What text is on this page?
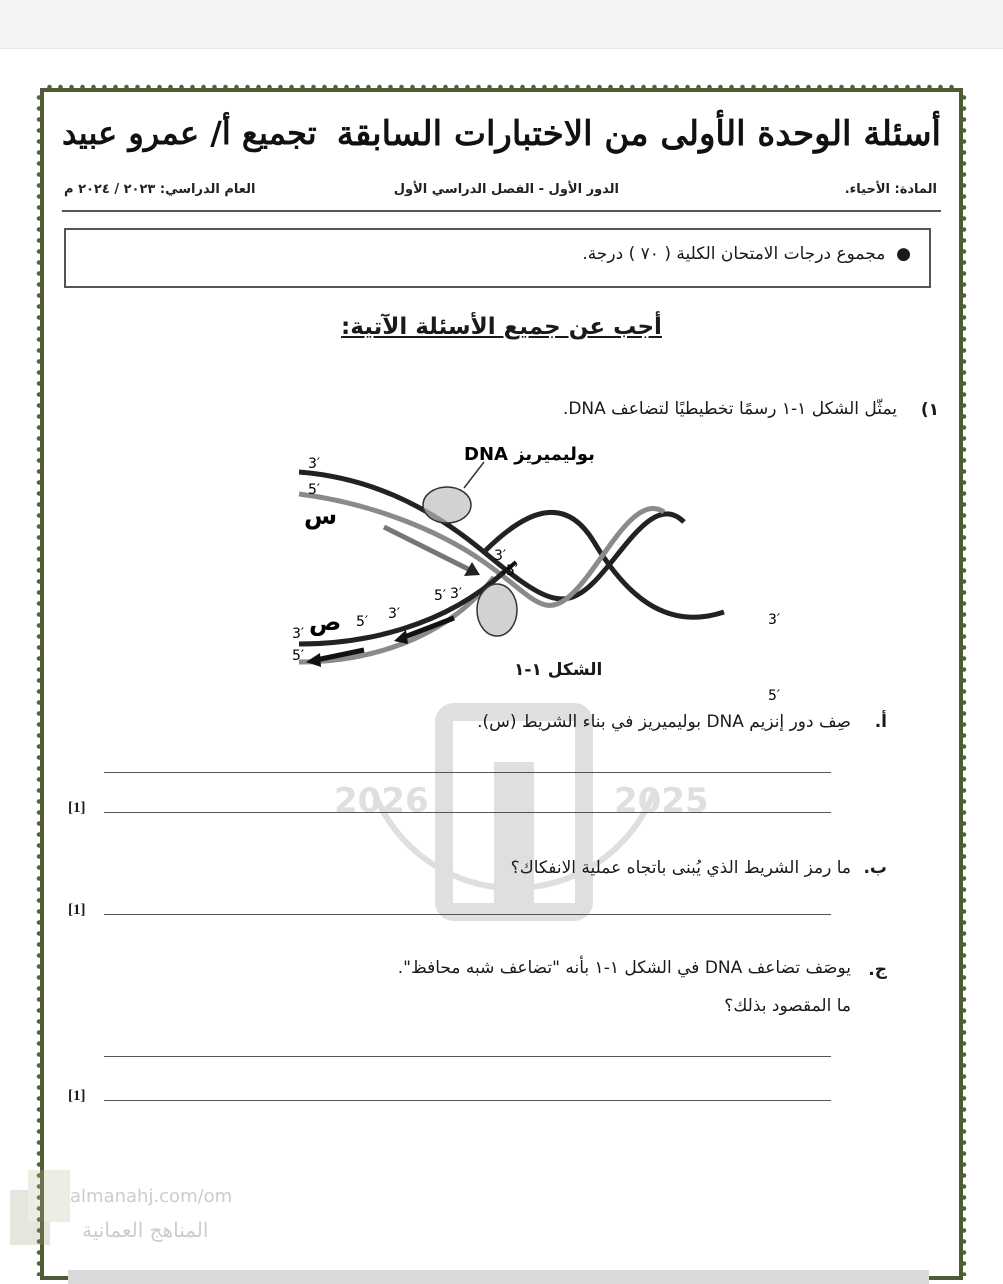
أسئلة الوحدة الأولى من الاختبارات السابقة
تجميع أ/ عمرو عبيد
المادة: الأحياء.
الدور الأول - الفصل الدراسي الأول
العام الدراسي: ٢٠٢٣ / ٢٠٢٤ م
●  مجموع درجات الامتحان الكلية ( ٧٠ ) درجة.
أجب عن جميع الأسئلة الآتية:
2026	2025
١)
يمثّل الشكل ١-١ رسمًا تخطيطيًا لتضاعف DNA.
DNA بوليميريز
س
ص
3′
5′
3′
5′
3′
5′
5′ 3′
5′ 3′
3′
5′
الشكل ١-١
أ.
صِف دور إنزيم DNA بوليميريز في بناء الشريط (س).
[1]
ب.
ما رمز الشريط الذي يُبنى باتجاه عملية الانفكاك؟
[1]
ج.
يوصَف تضاعف DNA في الشكل ١-١ بأنه "تضاعف شبه محافظ".
ما المقصود بذلك؟
[1]
almanahj.com/om
المناهج العمانية
